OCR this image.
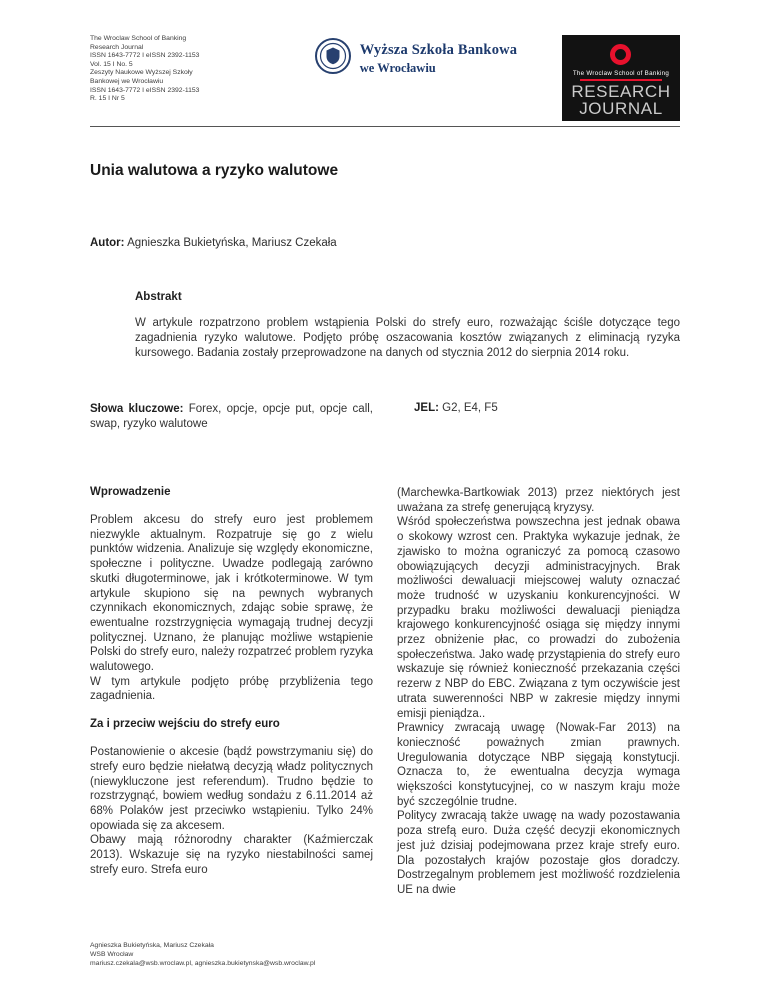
The Wroclaw School of Banking
Research Journal
ISSN 1643-7772 I eISSN 2392-1153
Vol. 15 I No. 5
Zeszyty Naukowe Wyższej Szkoły
Bankowej we Wrocławiu
ISSN 1643-7772 I eISSN 2392-1153
R. 15 I Nr 5
Wyższa Szkoła Bankowa
we Wrocławiu	The Wroclaw School of Banking
RESEARCH
JOURNAL
Unia walutowa a ryzyko walutowe

Autor: Agnieszka Bukietyńska, Mariusz Czekała

Abstrakt

W artykule rozpatrzono problem wstąpienia Polski do strefy euro, rozważając ściśle dotyczące tego zagadnienia ryzyko walutowe. Podjęto próbę oszacowania kosztów związanych z eliminacją ryzyka kursowego. Badania zostały przeprowadzone na danych od stycznia 2012 do sierpnia 2014 roku.

Słowa kluczowe: Forex, opcje, opcje put, opcje call, swap, ryzyko walutowe

JEL: G2, E4, F5

Wprowadzenie

Problem akcesu do strefy euro jest problemem niezwykle aktualnym. Rozpatruje się go z wielu punktów widzenia. Analizuje się względy ekonomiczne, społeczne i polityczne. Uwadze podlegają zarówno skutki długoterminowe, jak i krótkoterminowe. W tym artykule skupiono się na pewnych wybranych czynnikach ekonomicznych, zdając sobie sprawę, że ewentualne rozstrzygnięcia wymagają trudnej decyzji politycznej. Uznano, że planując możliwe wstąpienie Polski do strefy euro, należy rozpatrzeć problem ryzyka walutowego.

W tym artykule podjęto próbę przybliżenia tego zagadnienia.

Za i przeciw wejściu do strefy euro

Postanowienie o akcesie (bądź powstrzymaniu się) do strefy euro będzie niełatwą decyzją władz politycznych (niewykluczone jest referendum). Trudno będzie to rozstrzygnąć, bowiem według sondażu z 6.11.2014 aż 68% Polaków jest przeciwko wstąpieniu. Tylko 24% opowiada się za akcesem.

Obawy mają różnorodny charakter (Kaźmierczak 2013). Wskazuje się na ryzyko niestabilności samej strefy euro. Strefa euro

(Marchewka-Bartkowiak 2013) przez niektórych jest uważana za strefę generującą kryzysy.

Wśród społeczeństwa powszechna jest jednak obawa o skokowy wzrost cen. Praktyka wykazuje jednak, że zjawisko to można ograniczyć za pomocą czasowo obowiązujących decyzji administracyjnych. Brak możliwości dewaluacji miejscowej waluty oznaczać może trudność w uzyskaniu konkurencyjności. W przypadku braku możliwości dewaluacji pieniądza krajowego konkurencyjność osiąga się między innymi przez obniżenie płac, co prowadzi do zubożenia społeczeństwa. Jako wadę przystąpienia do strefy euro wskazuje się również konieczność przekazania części rezerw z NBP do EBC. Związana z tym oczywiście jest utrata suwerenności NBP w zakresie między innymi emisji pieniądza..

Prawnicy zwracają uwagę (Nowak-Far 2013) na konieczność poważnych zmian prawnych. Uregulowania dotyczące NBP sięgają konstytucji. Oznacza to, że ewentualna decyzja wymaga większości konstytucyjnej, co w naszym kraju może być szczególnie trudne.

Politycy zwracają także uwagę na wady pozostawania poza strefą euro. Duża część decyzji ekonomicznych jest już dzisiaj podejmowana przez kraje strefy euro. Dla pozostałych krajów pozostaje głos doradczy. Dostrzegalnym problemem jest możliwość rozdzielenia UE na dwie

Agnieszka Bukietyńska, Mariusz Czekała
WSB Wrocław
mariusz.czekala@wsb.wroclaw.pl, agnieszka.bukietynska@wsb.wroclaw.pl
